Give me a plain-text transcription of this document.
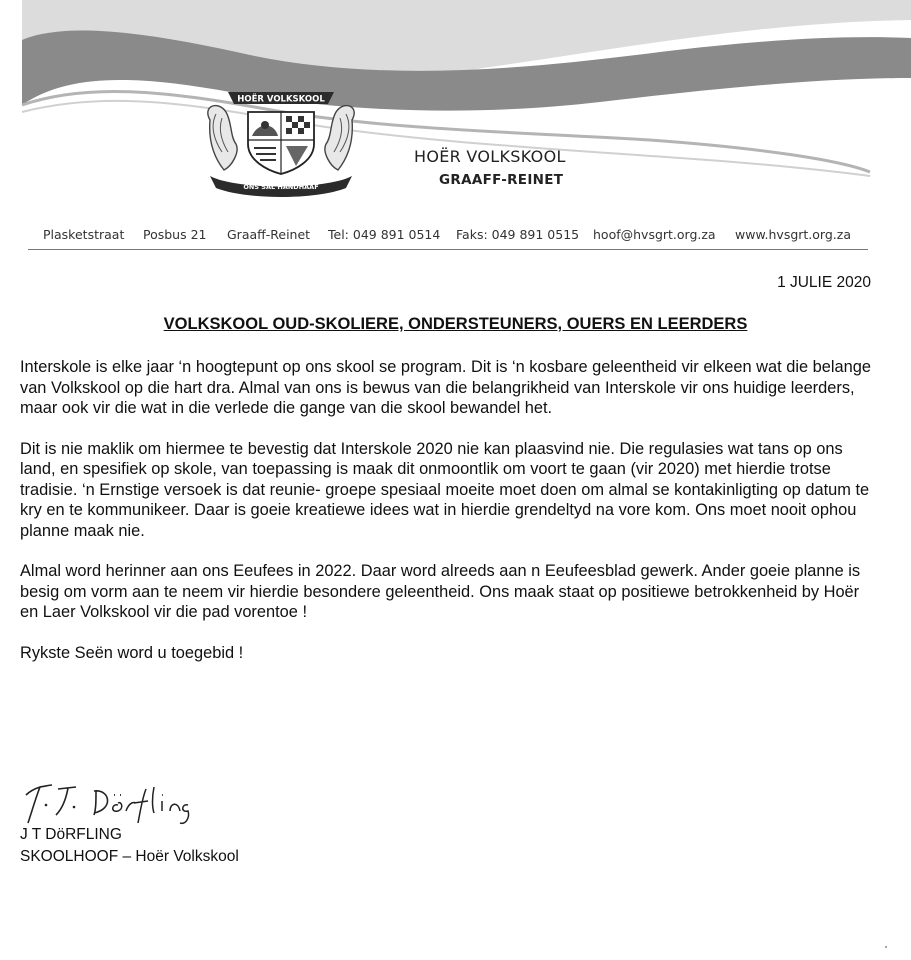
HOËR VOLKSKOOL
ONS SAL HANDHAAF
HOËR VOLKSKOOL
GRAAFF-REINET
Plasketstraat Posbus 21 Graaff-Reinet Tel: 049 891 0514 Faks: 049 891 0515 hoof@hvsgrt.org.za www.hvsgrt.org.za
1 JULIE 2020
VOLKSKOOL OUD-SKOLIERE, ONDERSTEUNERS, OUERS EN LEERDERS

Interskole is elke jaar ‘n hoogtepunt op ons skool se program. Dit is ‘n kosbare geleentheid vir elkeen wat die belange van Volkskool op die hart dra. Almal van ons is bewus van die belangrikheid van Interskole vir ons huidige leerders, maar ook vir die wat in die verlede die gange van die skool bewandel het.

Dit is nie maklik om hiermee te bevestig dat Interskole 2020 nie kan plaasvind nie. Die regulasies wat tans op ons land, en spesifiek op skole, van toepassing is maak dit onmoontlik om voort te gaan (vir 2020) met hierdie trotse tradisie. ‘n Ernstige versoek is dat reunie- groepe spesiaal moeite moet doen om almal se kontakinligting op datum te kry en te kommunikeer. Daar is goeie kreatiewe idees wat in hierdie grendeltyd na vore kom. Ons moet nooit ophou planne maak nie.

Almal word herinner aan ons Eeufees in 2022. Daar word alreeds aan n Eeufeesblad gewerk. Ander goeie planne is besig om vorm aan te neem vir hierdie besondere geleentheid. Ons maak staat op positiewe betrokkenheid by Hoër en Laer Volkskool vir die pad vorentoe !

Rykste Seën word u toegebid !

J T DöRFLING
SKOOLHOOF – Hoër Volkskool
